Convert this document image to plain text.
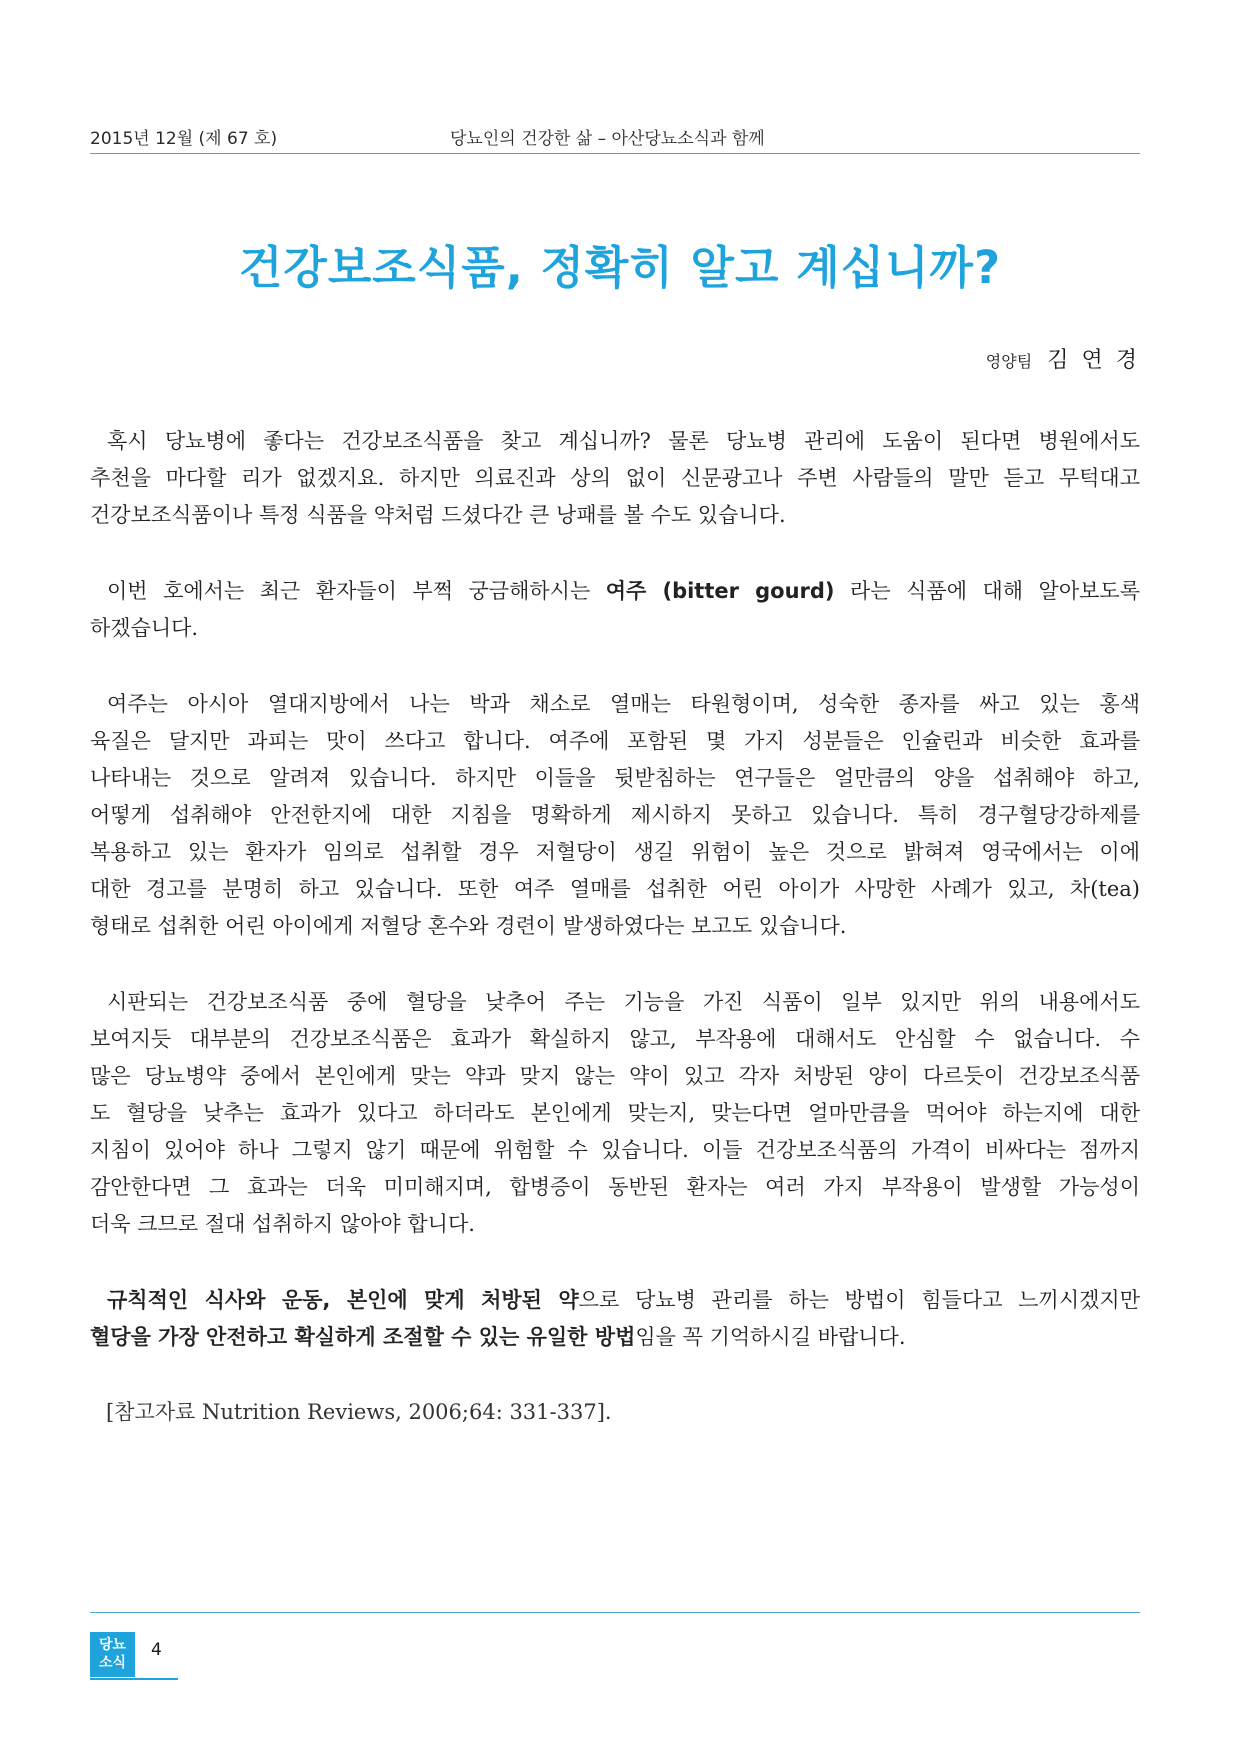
2015년 12월 (제 67 호)	당뇨인의 건강한 삶 – 아산당뇨소식과 함께
건강보조식품, 정확히 알고 계십니까?
영양팀 김 연 경
혹시 당뇨병에 좋다는 건강보조식품을 찾고 계십니까? 물론 당뇨병 관리에 도움이 된다면 병원에서도
추천을 마다할 리가 없겠지요. 하지만 의료진과 상의 없이 신문광고나 주변 사람들의 말만 듣고 무턱대고
건강보조식품이나 특정 식품을 약처럼 드셨다간 큰 낭패를 볼 수도 있습니다.
이번 호에서는 최근 환자들이 부쩍 궁금해하시는 여주 (bitter gourd) 라는 식품에 대해 알아보도록
하겠습니다.
여주는 아시아 열대지방에서 나는 박과 채소로 열매는 타원형이며, 성숙한 종자를 싸고 있는 홍색
육질은 달지만 과피는 맛이 쓰다고 합니다. 여주에 포함된 몇 가지 성분들은 인슐린과 비슷한 효과를
나타내는 것으로 알려져 있습니다. 하지만 이들을 뒷받침하는 연구들은 얼만큼의 양을 섭취해야 하고,
어떻게 섭취해야 안전한지에 대한 지침을 명확하게 제시하지 못하고 있습니다. 특히 경구혈당강하제를
복용하고 있는 환자가 임의로 섭취할 경우 저혈당이 생길 위험이 높은 것으로 밝혀져 영국에서는 이에
대한 경고를 분명히 하고 있습니다. 또한 여주 열매를 섭취한 어린 아이가 사망한 사례가 있고, 차(tea)
형태로 섭취한 어린 아이에게 저혈당 혼수와 경련이 발생하였다는 보고도 있습니다.
시판되는 건강보조식품 중에 혈당을 낮추어 주는 기능을 가진 식품이 일부 있지만 위의 내용에서도
보여지듯 대부분의 건강보조식품은 효과가 확실하지 않고, 부작용에 대해서도 안심할 수 없습니다. 수
많은 당뇨병약 중에서 본인에게 맞는 약과 맞지 않는 약이 있고 각자 처방된 양이 다르듯이 건강보조식품
도 혈당을 낮추는 효과가 있다고 하더라도 본인에게 맞는지, 맞는다면 얼마만큼을 먹어야 하는지에 대한
지침이 있어야 하나 그렇지 않기 때문에 위험할 수 있습니다. 이들 건강보조식품의 가격이 비싸다는 점까지
감안한다면 그 효과는 더욱 미미해지며, 합병증이 동반된 환자는 여러 가지 부작용이 발생할 가능성이
더욱 크므로 절대 섭취하지 않아야 합니다.
규칙적인 식사와 운동, 본인에 맞게 처방된 약으로 당뇨병 관리를 하는 방법이 힘들다고 느끼시겠지만
혈당을 가장 안전하고 확실하게 조절할 수 있는 유일한 방법임을 꼭 기억하시길 바랍니다.
[참고자료 Nutrition Reviews, 2006;64: 331-337].
당뇨
소식
4
